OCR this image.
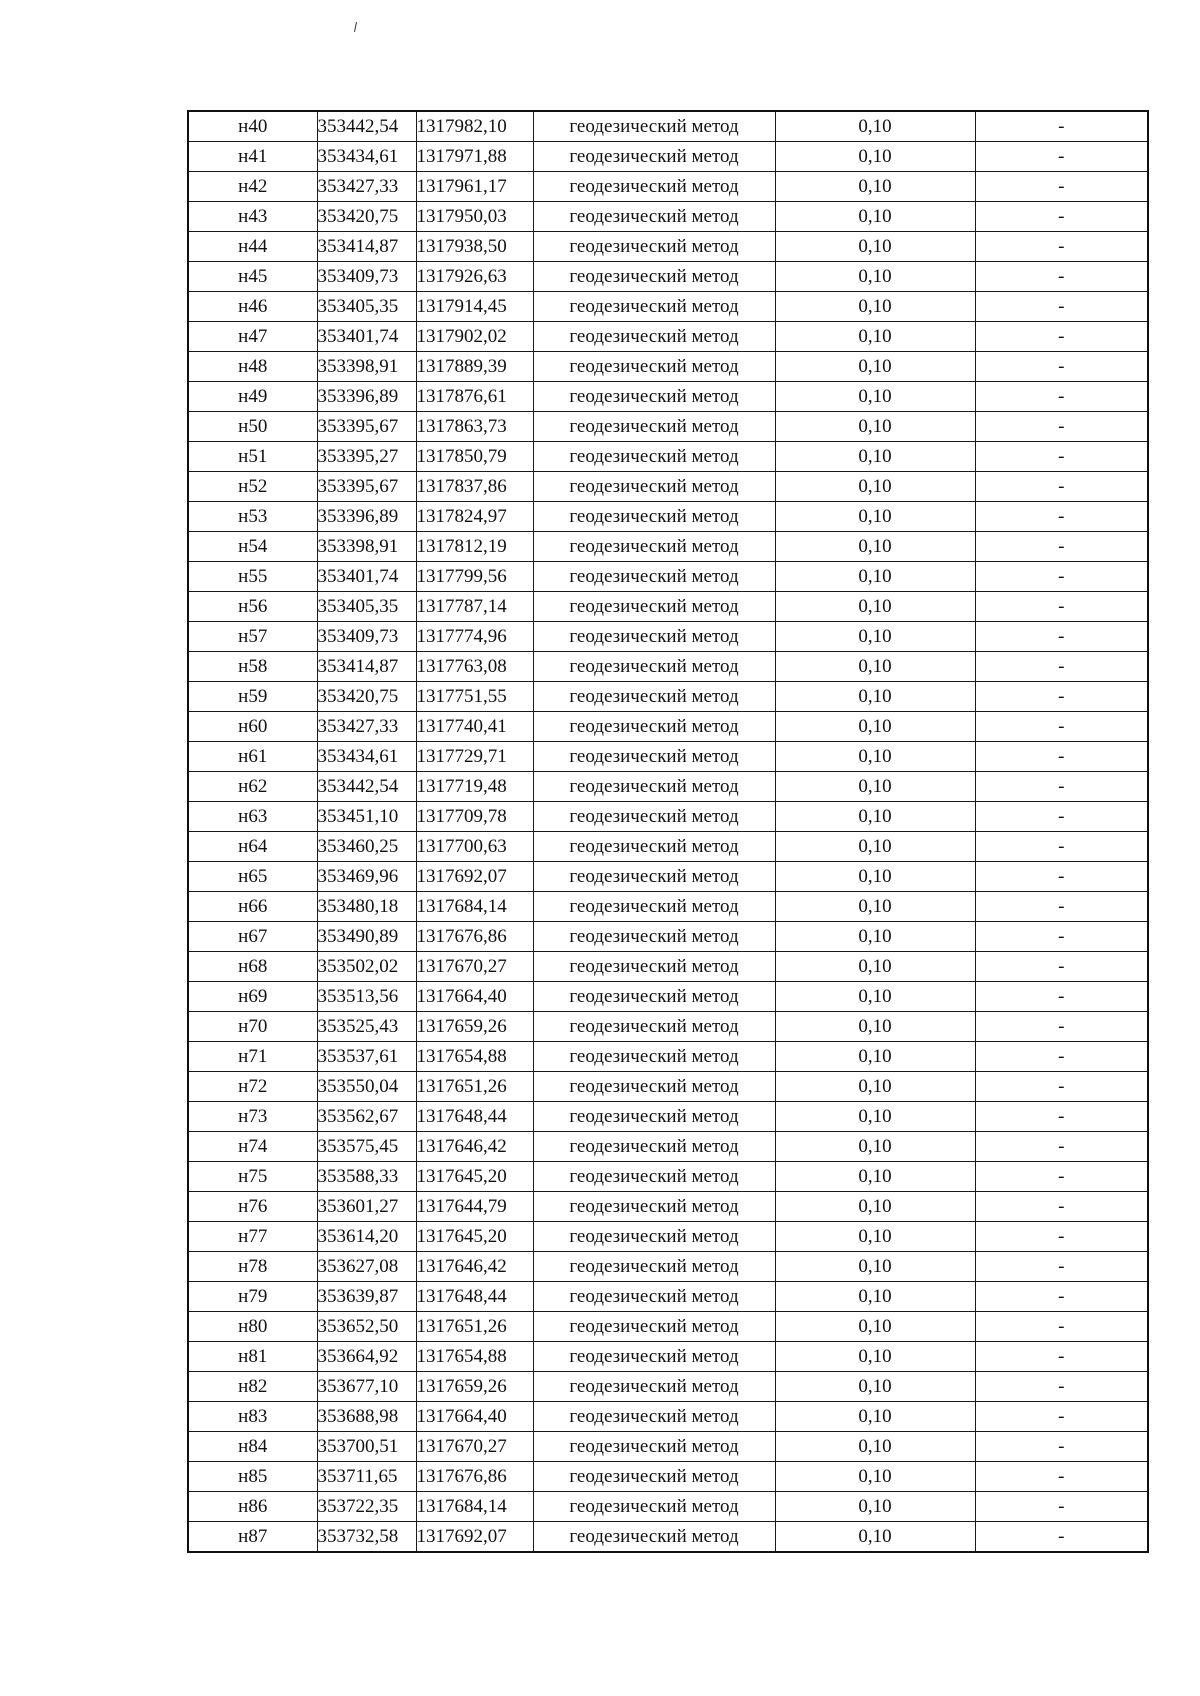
н40	353442,54	1317982,10	геодезический метод	0,10	-
н41	353434,61	1317971,88	геодезический метод	0,10	-
н42	353427,33	1317961,17	геодезический метод	0,10	-
н43	353420,75	1317950,03	геодезический метод	0,10	-
н44	353414,87	1317938,50	геодезический метод	0,10	-
н45	353409,73	1317926,63	геодезический метод	0,10	-
н46	353405,35	1317914,45	геодезический метод	0,10	-
н47	353401,74	1317902,02	геодезический метод	0,10	-
н48	353398,91	1317889,39	геодезический метод	0,10	-
н49	353396,89	1317876,61	геодезический метод	0,10	-
н50	353395,67	1317863,73	геодезический метод	0,10	-
н51	353395,27	1317850,79	геодезический метод	0,10	-
н52	353395,67	1317837,86	геодезический метод	0,10	-
н53	353396,89	1317824,97	геодезический метод	0,10	-
н54	353398,91	1317812,19	геодезический метод	0,10	-
н55	353401,74	1317799,56	геодезический метод	0,10	-
н56	353405,35	1317787,14	геодезический метод	0,10	-
н57	353409,73	1317774,96	геодезический метод	0,10	-
н58	353414,87	1317763,08	геодезический метод	0,10	-
н59	353420,75	1317751,55	геодезический метод	0,10	-
н60	353427,33	1317740,41	геодезический метод	0,10	-
н61	353434,61	1317729,71	геодезический метод	0,10	-
н62	353442,54	1317719,48	геодезический метод	0,10	-
н63	353451,10	1317709,78	геодезический метод	0,10	-
н64	353460,25	1317700,63	геодезический метод	0,10	-
н65	353469,96	1317692,07	геодезический метод	0,10	-
н66	353480,18	1317684,14	геодезический метод	0,10	-
н67	353490,89	1317676,86	геодезический метод	0,10	-
н68	353502,02	1317670,27	геодезический метод	0,10	-
н69	353513,56	1317664,40	геодезический метод	0,10	-
н70	353525,43	1317659,26	геодезический метод	0,10	-
н71	353537,61	1317654,88	геодезический метод	0,10	-
н72	353550,04	1317651,26	геодезический метод	0,10	-
н73	353562,67	1317648,44	геодезический метод	0,10	-
н74	353575,45	1317646,42	геодезический метод	0,10	-
н75	353588,33	1317645,20	геодезический метод	0,10	-
н76	353601,27	1317644,79	геодезический метод	0,10	-
н77	353614,20	1317645,20	геодезический метод	0,10	-
н78	353627,08	1317646,42	геодезический метод	0,10	-
н79	353639,87	1317648,44	геодезический метод	0,10	-
н80	353652,50	1317651,26	геодезический метод	0,10	-
н81	353664,92	1317654,88	геодезический метод	0,10	-
н82	353677,10	1317659,26	геодезический метод	0,10	-
н83	353688,98	1317664,40	геодезический метод	0,10	-
н84	353700,51	1317670,27	геодезический метод	0,10	-
н85	353711,65	1317676,86	геодезический метод	0,10	-
н86	353722,35	1317684,14	геодезический метод	0,10	-
н87	353732,58	1317692,07	геодезический метод	0,10	-
